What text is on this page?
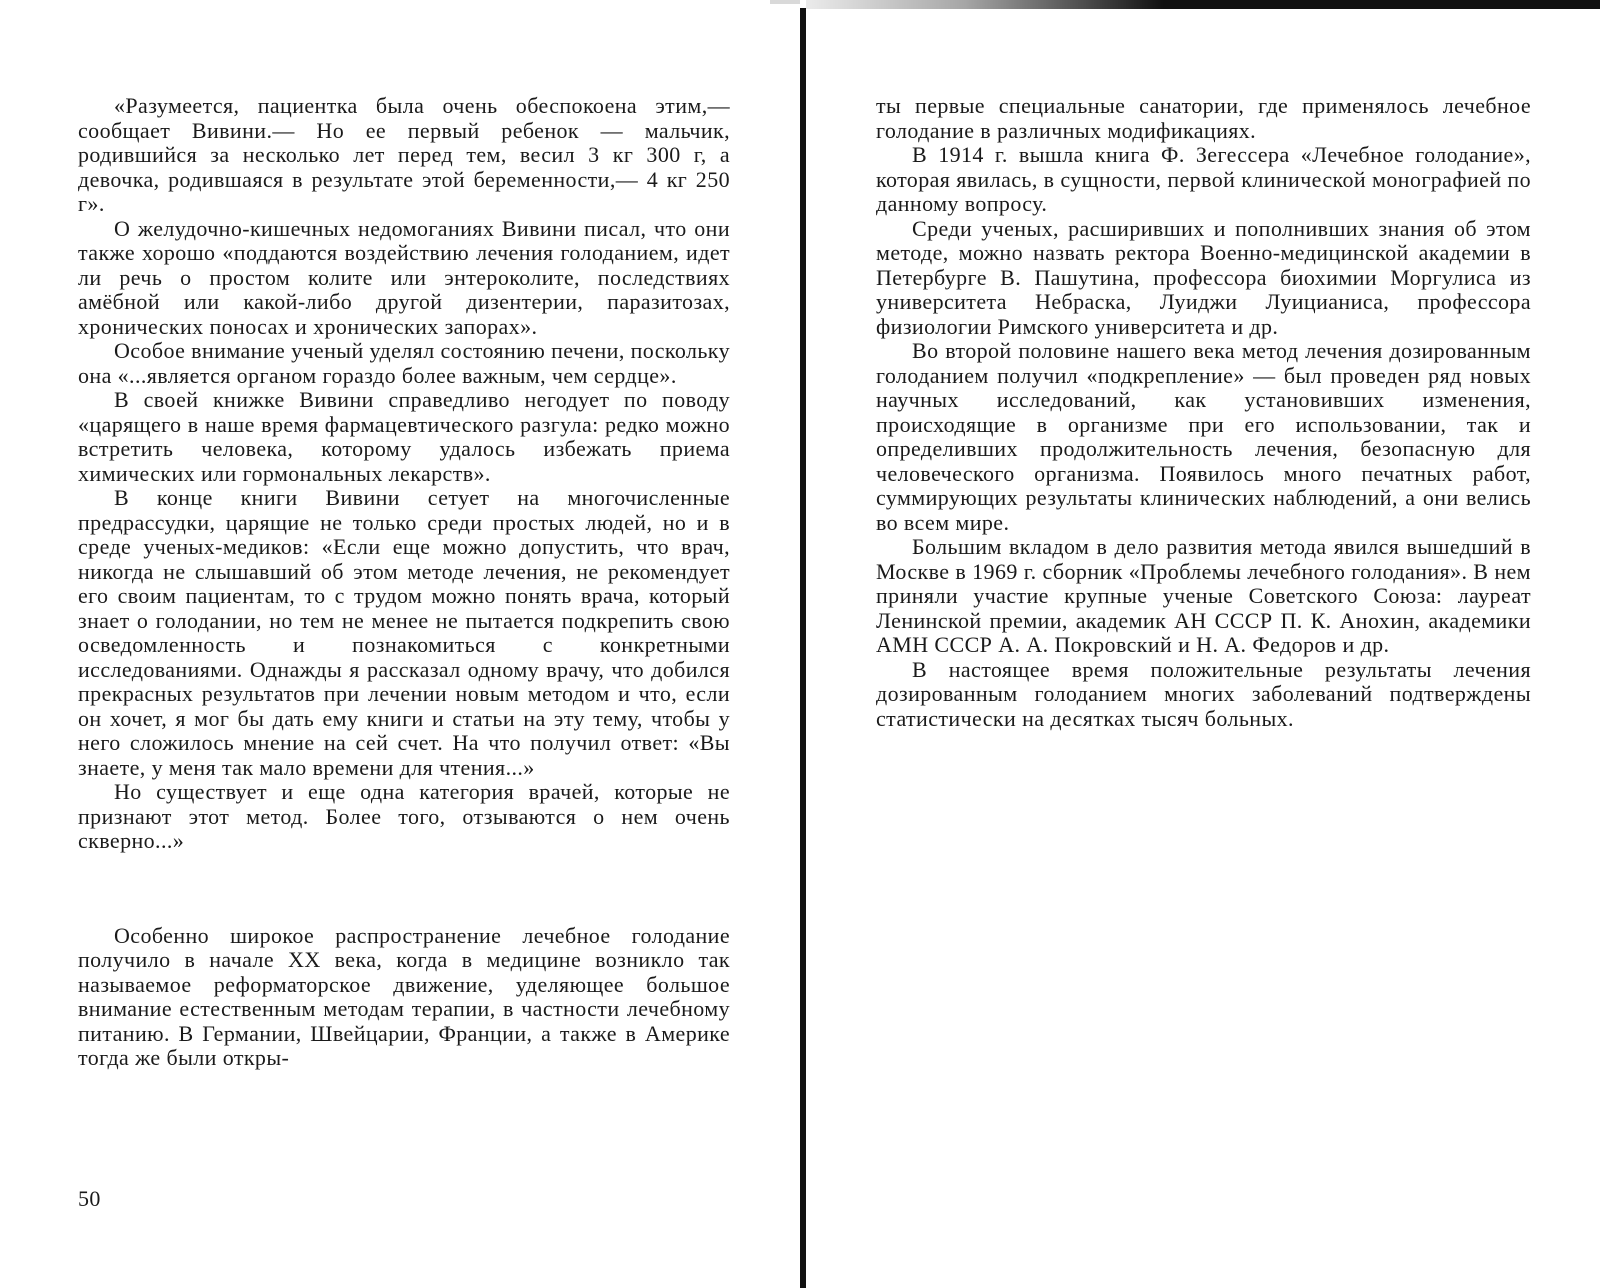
«Разумеется, пациентка была очень обеспокоена этим,— сообщает Вивини.— Но ее первый ребенок — мальчик, родившийся за несколько лет перед тем, весил 3 кг 300 г, а девочка, родившаяся в результате этой беременности,— 4 кг 250 г».

О желудочно-кишечных недомоганиях Вивини писал, что они также хорошо «поддаются воздействию лечения голоданием, идет ли речь о простом колите или энтероколите, последствиях амёбной или какой-либо другой дизентерии, паразитозах, хронических поносах и хронических запорах».

Особое внимание ученый уделял состоянию печени, поскольку она «...является органом гораздо более важным, чем сердце».

В своей книжке Вивини справедливо негодует по поводу «царящего в наше время фармацевтического разгула: редко можно встретить человека, которому удалось избежать приема химических или гормональных лекарств».

В конце книги Вивини сетует на многочисленные предрассудки, царящие не только среди простых людей, но и в среде ученых-медиков: «Если еще можно допустить, что врач, никогда не слышавший об этом методе лечения, не рекомендует его своим пациентам, то с трудом можно понять врача, который знает о голодании, но тем не менее не пытается подкрепить свою осведомленность и познакомиться с конкретными исследованиями. Однажды я рассказал одному врачу, что добился прекрасных результатов при лечении новым методом и что, если он хочет, я мог бы дать ему книги и статьи на эту тему, чтобы у него сложилось мнение на сей счет. На что получил ответ: «Вы знаете, у меня так мало времени для чтения...»

Но существует и еще одна категория врачей, которые не признают этот метод. Более того, отзываются о нем очень скверно...»

Особенно широкое распространение лечебное голодание получило в начале XX века, когда в медицине возникло так называемое реформаторское движение, уделяющее большое внимание естественным методам терапии, в частности лечебному питанию. В Германии, Швейцарии, Франции, а также в Америке тогда же были откры-

50

ты первые специальные санатории, где применялось лечебное голодание в различных модификациях.

В 1914 г. вышла книга Ф. Зегессера «Лечебное голодание», которая явилась, в сущности, первой клинической монографией по данному вопросу.

Среди ученых, расширивших и пополнивших знания об этом методе, можно назвать ректора Военно-медицинской академии в Петербурге В. Пашутина, профессора биохимии Моргулиса из университета Небраска, Луиджи Луицианиса, профессора физиологии Римского университета и др.

Во второй половине нашего века метод лечения дозированным голоданием получил «подкрепление» — был проведен ряд новых научных исследований, как установивших изменения, происходящие в организме при его использовании, так и определивших продолжительность лечения, безопасную для человеческого организма. Появилось много печатных работ, суммирующих результаты клинических наблюдений, а они велись во всем мире.

Большим вкладом в дело развития метода явился вышедший в Москве в 1969 г. сборник «Проблемы лечебного голодания». В нем приняли участие крупные ученые Советского Союза: лауреат Ленинской премии, академик АН СССР П. К. Анохин, академики АМН СССР А. А. Покровский и Н. А. Федоров и др.

В настоящее время положительные результаты лечения дозированным голоданием многих заболеваний подтверждены статистически на десятках тысяч больных.
